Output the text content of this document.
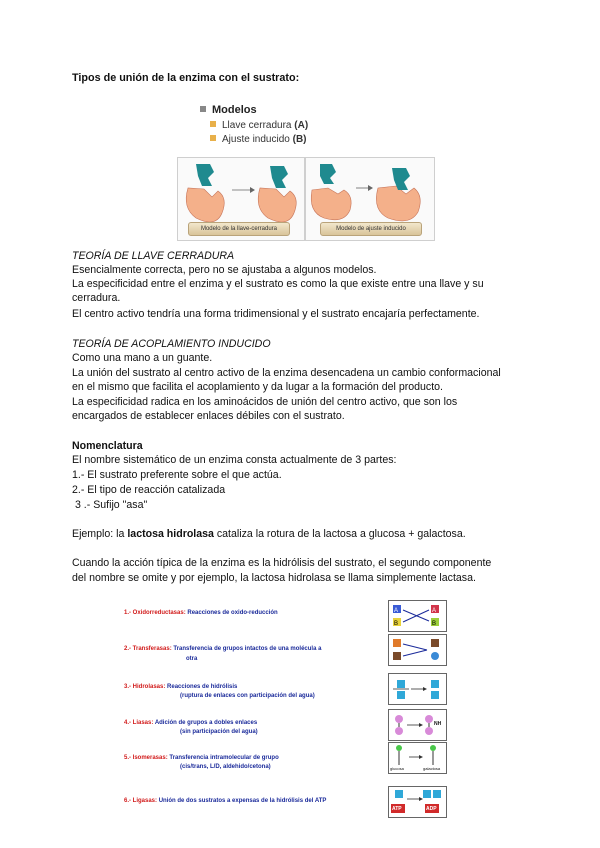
Tipos de unión de la enzima con el sustrato:
Modelos
Llave cerradura (A)
Ajuste inducido (B)
Modelo de la llave-cerradura	Modelo de ajuste inducido
TEORÍA DE LLAVE CERRADURA
Esencialmente correcta, pero no se ajustaba a algunos modelos.
La especificidad entre el enzima y el sustrato es como la que existe entre una llave y su
cerradura.
El centro activo tendría una forma tridimensional y el sustrato encajaría perfectamente.
TEORÍA DE ACOPLAMIENTO INDUCIDO
Como una mano a un guante.
La unión del sustrato al centro activo de la enzima desencadena un cambio conformacional
en el mismo que facilita el acoplamiento y da lugar a la formación del producto.
La especificidad radica en los aminoácidos de unión del centro activo, que son los
encargados de establecer enlaces débiles con el sustrato.
Nomenclatura
El nombre sistemático de un enzima consta actualmente de 3 partes:
1.- El sustrato preferente sobre el que actúa.
2.- El tipo de reacción catalizada
3 .- Sufijo "asa"
Ejemplo: la lactosa hidrolasa cataliza la rotura de la lactosa a glucosa + galactosa.
Cuando la acción típica de la enzima es la hidrólisis del sustrato, el segundo componente
del nombre se omite y por ejemplo, la lactosa hidrolasa se llama simplemente lactasa.
1.- Oxidorreductasas: Reacciones de oxido-reducción	A
B
A
B
2.- Transferasas: Transferencia de grupos intactos de una molécula a
otra
3.- Hidrolasas: Reacciones de hidrólisis
(ruptura de enlaces con participación del agua)
4.- Liasas: Adición de grupos a dobles enlaces
(sin participación del agua)
NH
5.- Isomerasas: Transferencia intramolecular de grupo
(cis/trans, L/D, aldehido/cetona)	glucosa	galactosa
6.- Ligasas: Unión de dos sustratos a expensas de la hidrólisis del ATP
ATP	ADP
